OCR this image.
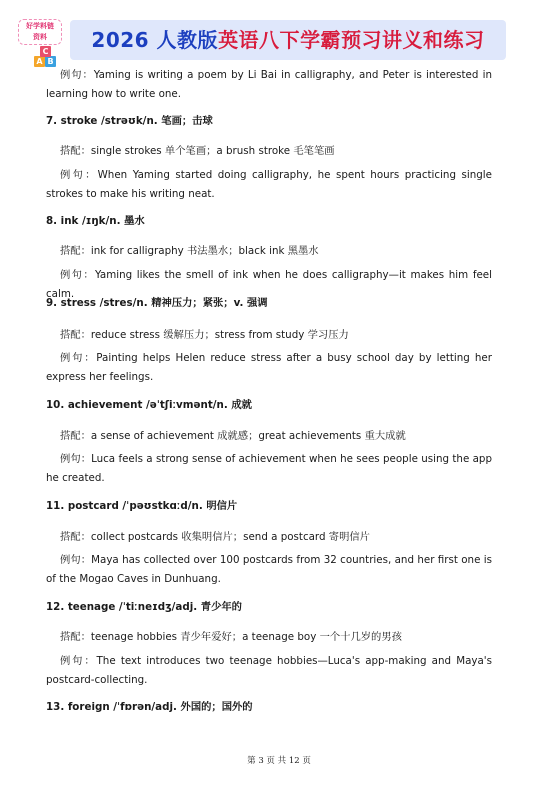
2026 人教版英语八下学霸预习讲义和练习
好学料链
资料
A B
C
例句：Yaming is writing a poem by Li Bai in calligraphy, and Peter is interested in learning how to write one.
7. stroke /strəʊk/n. 笔画；击球
搭配：single strokes 单个笔画；a brush stroke 毛笔笔画
例句：When Yaming started doing calligraphy, he spent hours practicing single strokes to make his writing neat.
8. ink /ɪŋk/n. 墨水
搭配：ink for calligraphy 书法墨水；black ink 黑墨水
例句：Yaming likes the smell of ink when he does calligraphy—it makes him feel calm.
9. stress /stres/n. 精神压力；紧张；v. 强调
搭配：reduce stress 缓解压力；stress from study 学习压力
例句：Painting helps Helen reduce stress after a busy school day by letting her express her feelings.
10. achievement /əˈtʃiːvmənt/n. 成就
搭配：a sense of achievement 成就感；great achievements 重大成就
例句：Luca feels a strong sense of achievement when he sees people using the app he created.
11. postcard /ˈpəʊstkɑːd/n. 明信片
搭配：collect postcards 收集明信片；send a postcard 寄明信片
例句：Maya has collected over 100 postcards from 32 countries, and her first one is of the Mogao Caves in Dunhuang.
12. teenage /ˈtiːneɪdʒ/adj. 青少年的
搭配：teenage hobbies 青少年爱好；a teenage boy 一个十几岁的男孩
例句：The text introduces two teenage hobbies—Luca's app-making and Maya's postcard-collecting.
13. foreign /ˈfɒrən/adj. 外国的；国外的
第 3 页 共 12 页
